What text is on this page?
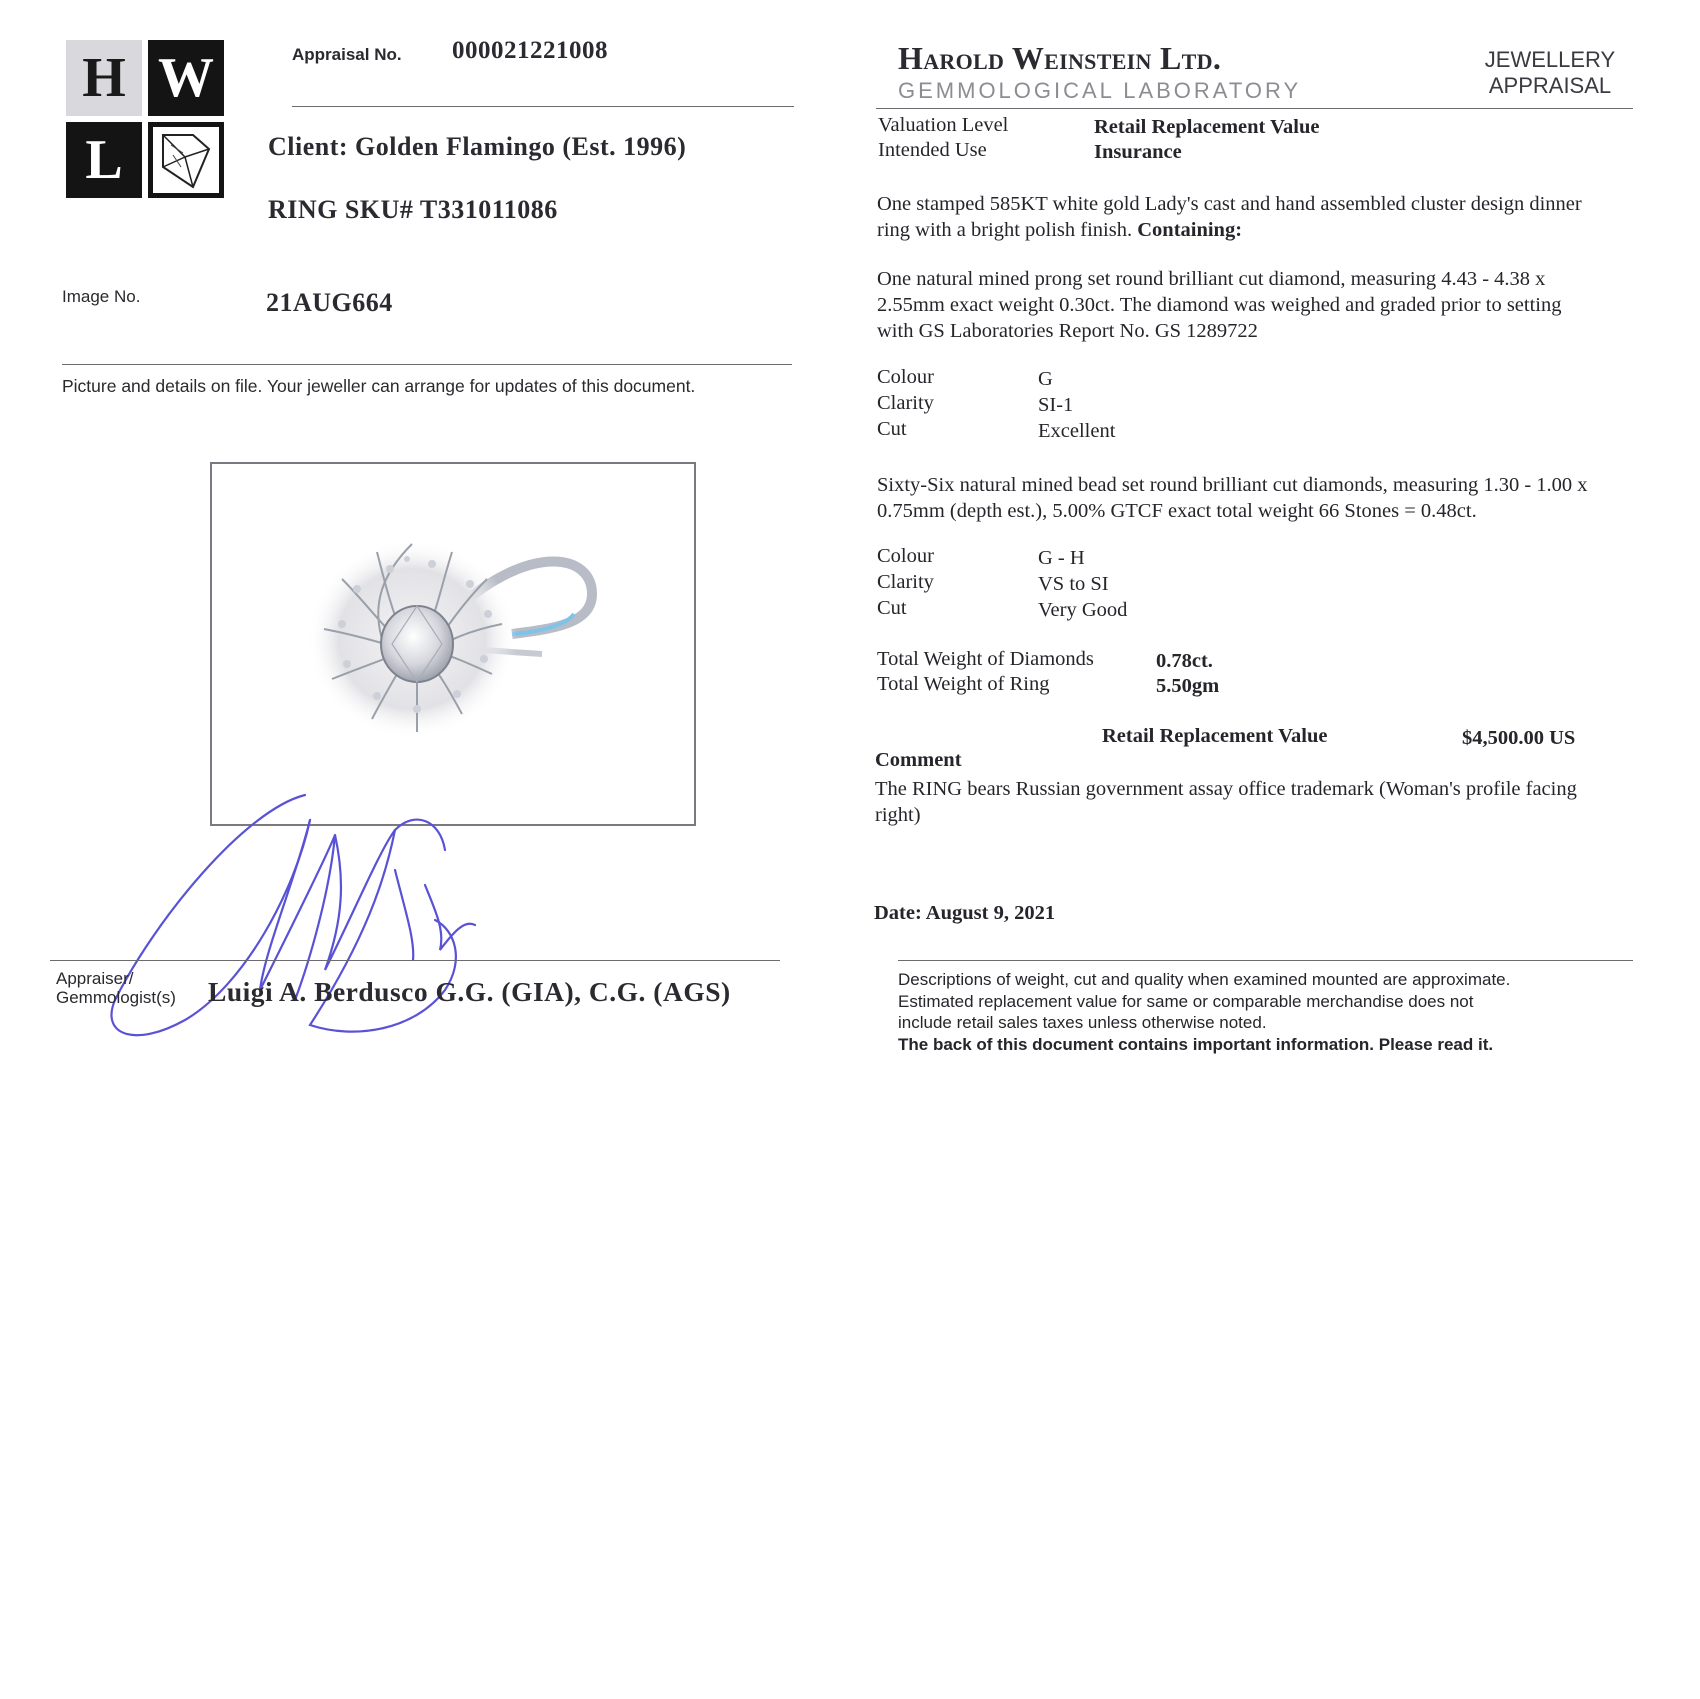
H W
L
Appraisal No. 000021221008
Client: Golden Flamingo (Est. 1996)
RING SKU# T331011086
Image No.	21AUG664
Picture and details on file. Your jeweller can arrange for updates of this document.
Appraiser/
Gemmologist(s) Luigi A. Berdusco G.G. (GIA), C.G. (AGS)
Harold Weinstein Ltd.
GEMMOLOGICAL LABORATORY
JEWELLERY
APPRAISAL
Valuation Level	Retail Replacement Value
Intended Use	Insurance
One stamped 585KT white gold Lady's cast and hand assembled cluster design dinner ring with a bright polish finish. Containing:
One natural mined prong set round brilliant cut diamond, measuring 4.43 - 4.38 x 2.55mm exact weight 0.30ct. The diamond was weighed and graded prior to setting with GS Laboratories Report No. GS 1289722
Colour	G
Clarity	SI-1
Cut	Excellent
Sixty-Six natural mined bead set round brilliant cut diamonds, measuring 1.30 - 1.00 x 0.75mm (depth est.), 5.00% GTCF exact total weight 66 Stones = 0.48ct.
Colour	G - H
Clarity	VS to SI
Cut	Very Good
Total Weight of Diamonds	0.78ct.
Total Weight of Ring	5.50gm
Retail Replacement Value	$4,500.00 US
Comment
The RING bears Russian government assay office trademark (Woman's profile facing right)
Date: August 9, 2021
Descriptions of weight, cut and quality when examined mounted are approximate.
Estimated replacement value for same or comparable merchandise does not
include retail sales taxes unless otherwise noted.
The back of this document contains important information. Please read it.
